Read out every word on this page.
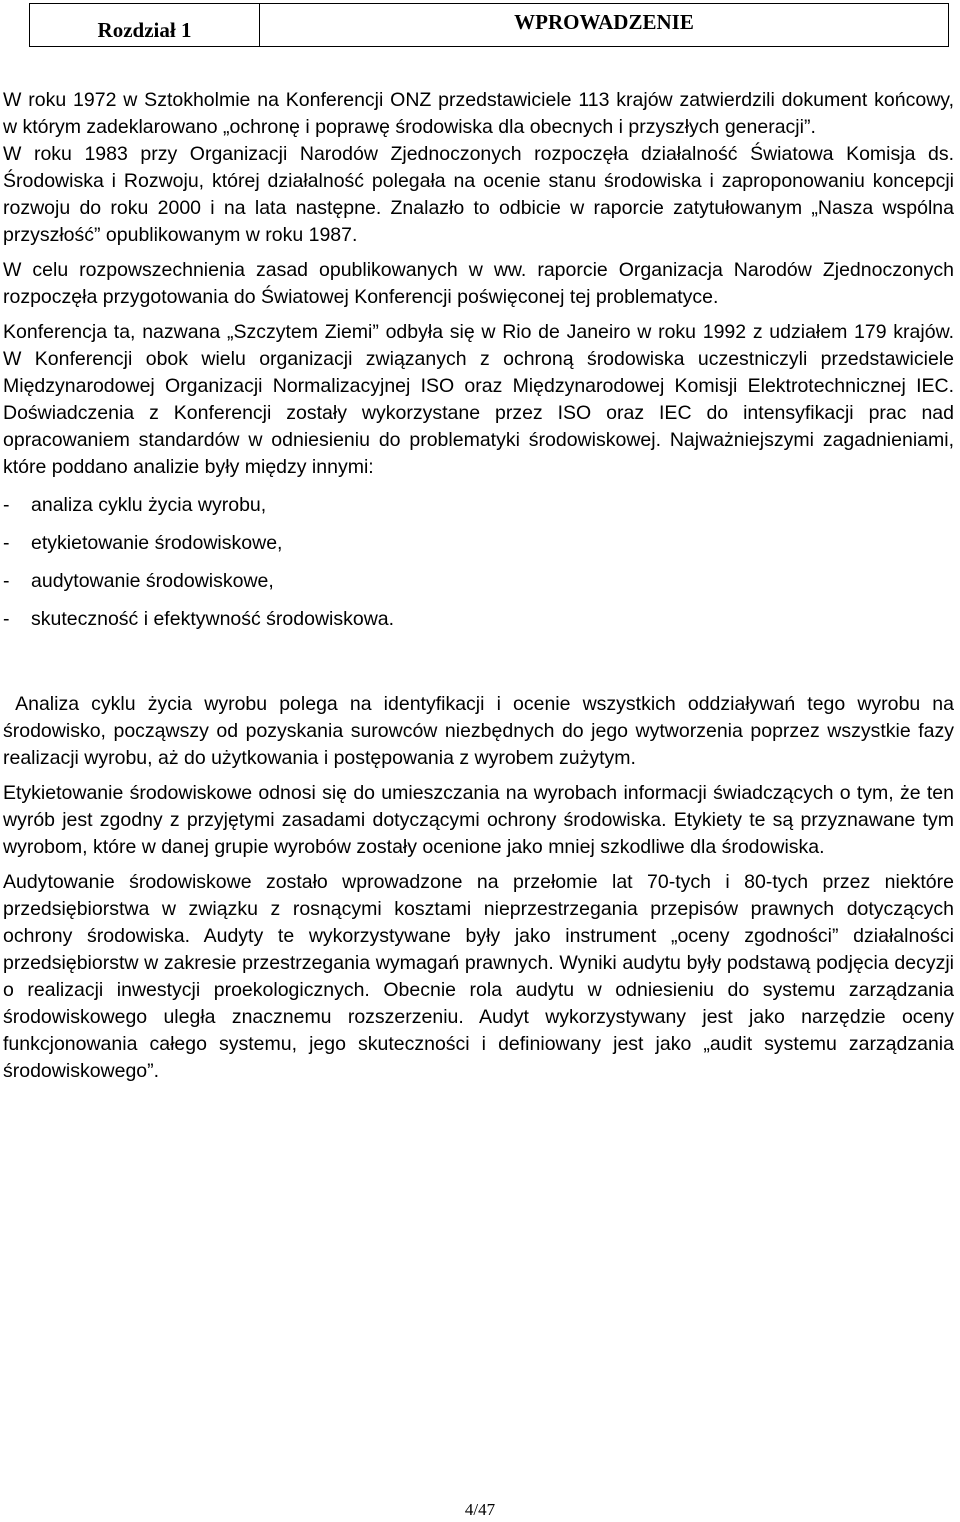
Rozdział 1	WPROWADZENIE

W roku 1972 w Sztokholmie na Konferencji ONZ przedstawiciele 113 krajów zatwierdzili dokument końcowy, w którym zadeklarowano „ochronę i poprawę środowiska dla obecnych i przyszłych generacji”.

W roku 1983 przy Organizacji Narodów Zjednoczonych rozpoczęła działalność Światowa Komisja ds. Środowiska i Rozwoju, której działalność polegała na ocenie stanu środowiska i zaproponowaniu koncepcji rozwoju do roku 2000 i na lata następne. Znalazło to odbicie w raporcie zatytułowanym „Nasza wspólna przyszłość” opublikowanym w roku 1987.

W celu rozpowszechnienia zasad opublikowanych w ww. raporcie Organizacja Narodów Zjednoczonych rozpoczęła przygotowania do Światowej Konferencji poświęconej tej problematyce.

Konferencja ta, nazwana „Szczytem Ziemi” odbyła się w Rio de Janeiro w roku 1992 z udziałem 179 krajów. W Konferencji obok wielu organizacji związanych z ochroną środowiska uczestniczyli przedstawiciele Międzynarodowej Organizacji Normalizacyjnej ISO oraz Międzynarodowej Komisji Elektrotechnicznej IEC. Doświadczenia z Konferencji zostały wykorzystane przez ISO oraz IEC do intensyfikacji prac nad opracowaniem standardów w odniesieniu do problematyki środowiskowej. Najważniejszymi zagadnieniami, które poddano analizie były między innymi:

-	analiza cyklu życia wyrobu,
-	etykietowanie środowiskowe,
-	audytowanie środowiskowe,
-	skuteczność i efektywność środowiskowa.

Analiza cyklu życia wyrobu polega na identyfikacji i ocenie wszystkich oddziaływań tego wyrobu na środowisko, począwszy od pozyskania surowców niezbędnych do jego wytworzenia poprzez wszystkie fazy realizacji wyrobu, aż do użytkowania i postępowania z wyrobem zużytym.

Etykietowanie środowiskowe odnosi się do umieszczania na wyrobach informacji świadczących o tym, że ten wyrób jest zgodny z przyjętymi zasadami dotyczącymi ochrony środowiska. Etykiety te są przyznawane tym wyrobom, które w danej grupie wyrobów zostały ocenione jako mniej szkodliwe dla środowiska.

Audytowanie środowiskowe zostało wprowadzone na przełomie lat 70-tych i 80-tych przez niektóre przedsiębiorstwa w związku z rosnącymi kosztami nieprzestrzegania przepisów prawnych dotyczących ochrony środowiska. Audyty te wykorzystywane były jako instrument „oceny zgodności” działalności przedsiębiorstw w zakresie przestrzegania wymagań prawnych. Wyniki audytu były podstawą podjęcia decyzji o realizacji inwestycji proekologicznych. Obecnie rola audytu w odniesieniu do systemu zarządzania środowiskowego uległa znacznemu rozszerzeniu. Audyt wykorzystywany jest jako narzędzie oceny funkcjonowania całego systemu, jego skuteczności i definiowany jest jako „audit systemu zarządzania środowiskowego”.

4/47
